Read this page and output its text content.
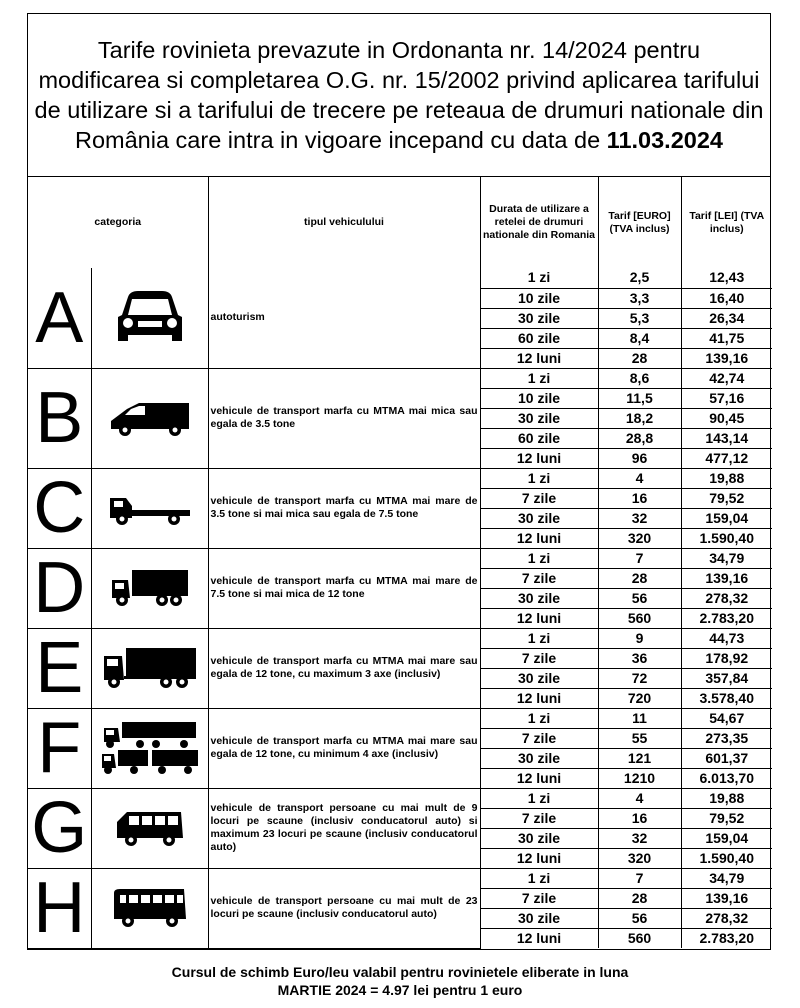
Tarife rovinieta prevazute in Ordonanta nr. 14/2024 pentru modificarea si completarea O.G. nr. 15/2002 privind aplicarea tarifului de utilizare si a tarifului de trecere pe reteaua de drumuri nationale din România care intra in vigoare incepand cu data de 11.03.2024
categoria		tipul vehiculului	Durata de utilizare a retelei de drumuri nationale din Romania	Tarif [EURO] (TVA inclus)	Tarif [LEI] (TVA inclus)
A		autoturism	1 zi	2,5	12,43
			10 zile	3,3	16,40
			30 zile	5,3	26,34
			60 zile	8,4	41,75
			12 luni	28	139,16
B		vehicule de transport marfa cu MTMA mai mica sau egala de 3.5 tone	1 zi	8,6	42,74
			10 zile	11,5	57,16
			30 zile	18,2	90,45
			60 zile	28,8	143,14
			12 luni	96	477,12
C		vehicule de transport marfa cu MTMA mai mare de 3.5 tone si mai mica sau egala de 7.5 tone	1 zi	4	19,88
			7 zile	16	79,52
			30 zile	32	159,04
			12 luni	320	1.590,40
D		vehicule de transport marfa cu MTMA mai mare de 7.5 tone si mai mica de 12 tone	1 zi	7	34,79
			7 zile	28	139,16
			30 zile	56	278,32
			12 luni	560	2.783,20
E		vehicule de transport marfa cu MTMA mai mare sau egala de 12 tone, cu maximum 3 axe (inclusiv)	1 zi	9	44,73
			7 zile	36	178,92
			30 zile	72	357,84
			12 luni	720	3.578,40
F		vehicule de transport marfa cu MTMA mai mare sau egala de 12 tone, cu minimum 4 axe (inclusiv)	1 zi	11	54,67
			7 zile	55	273,35
			30 zile	121	601,37
			12 luni	1210	6.013,70
G		vehicule de transport persoane cu mai mult de 9 locuri pe scaune (inclusiv conducatorul auto) si maximum 23 locuri pe scaune (inclusiv conducatorul auto)	1 zi	4	19,88
			7 zile	16	79,52
			30 zile	32	159,04
			12 luni	320	1.590,40
H		vehicule de transport persoane cu mai mult de 23 locuri pe scaune (inclusiv conducatorul auto)	1 zi	7	34,79
			7 zile	28	139,16
			30 zile	56	278,32
			12 luni	560	2.783,20
Cursul de schimb Euro/leu valabil pentru rovinietele eliberate in luna
MARTIE 2024 = 4.97 lei pentru 1 euro
